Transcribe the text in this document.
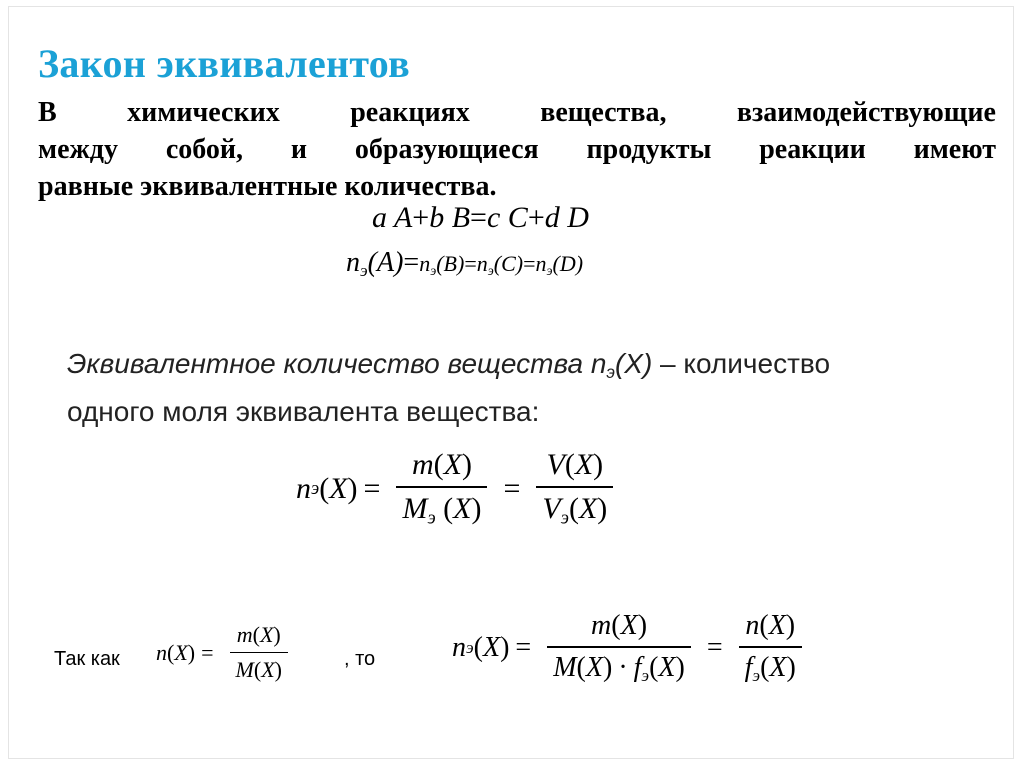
Закон эквивалентов
В химических реакциях вещества, взаимодействующие
между собой, и образующиеся продукты реакции имеют
равные эквивалентные количества.
a A+b B=c C+d D
$n_э(A)=n_э(B)=n_э(C)=n_э(D)$
Эквивалентное количество вещества $n_э(X)$ – количество
одного моля эквивалента вещества:
n э ( X ) = $\frac{m(X)}{M_э (X)} = \frac{V(X)}{V_э(X)}$
Так как n ( X ) = $\frac{m(X)}{M(X)}$	, то	n э ( X ) = $\frac{m(X)}{M(X) \cdot f_э(X)} = \frac{n(X)}{f_э(X)}$
